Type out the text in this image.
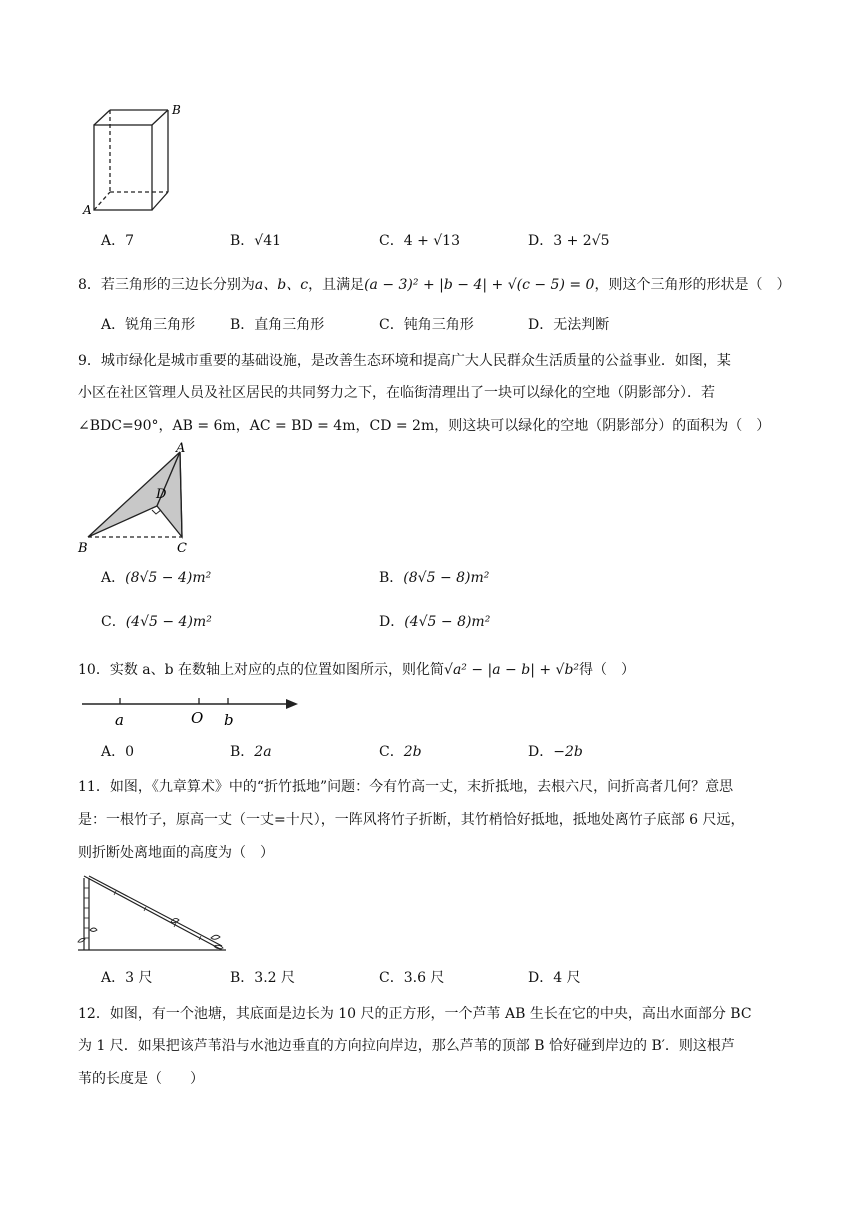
B
A
A．7	B．√41	C．4 + √13	D．3 + 2√5
8．若三角形的三边长分别为a、b、c，且满足(a − 3)² + |b − 4| + √(c − 5) = 0，则这个三角形的形状是（　）
A．锐角三角形 B．直角三角形	C．钝角三角形	D．无法判断
9．城市绿化是城市重要的基础设施，是改善生态环境和提高广大人民群众生活质量的公益事业．如图，某
小区在社区管理人员及社区居民的共同努力之下，在临街清理出了一块可以绿化的空地（阴影部分）．若
∠BDC=90°，AB = 6m，AC = BD = 4m，CD = 2m，则这块可以绿化的空地（阴影部分）的面积为（　）
A
D
B	C
A．(8√5 − 4)m²	B．(8√5 − 8)m²
C．(4√5 − 4)m²	D．(4√5 − 8)m²
10．实数 a、b 在数轴上对应的点的位置如图所示，则化简√a² − |a − b| + √b²得（　）
a	O b
A．0	B．2a	C．2b	D．−2b
11．如图，《九章算术》中的“折竹抵地”问题：今有竹高一丈，末折抵地，去根六尺，问折高者几何？意思
是：一根竹子，原高一丈（一丈=十尺），一阵风将竹子折断，其竹梢恰好抵地，抵地处离竹子底部 6 尺远，
则折断处离地面的高度为（　）
A．3 尺	B．3.2 尺	C．3.6 尺	D．4 尺
12．如图，有一个池塘，其底面是边长为 10 尺的正方形，一个芦苇 AB 生长在它的中央，高出水面部分 BC
为 1 尺．如果把该芦苇沿与水池边垂直的方向拉向岸边，那么芦苇的顶部 B 恰好碰到岸边的 B′．则这根芦
苇的长度是（　　）
